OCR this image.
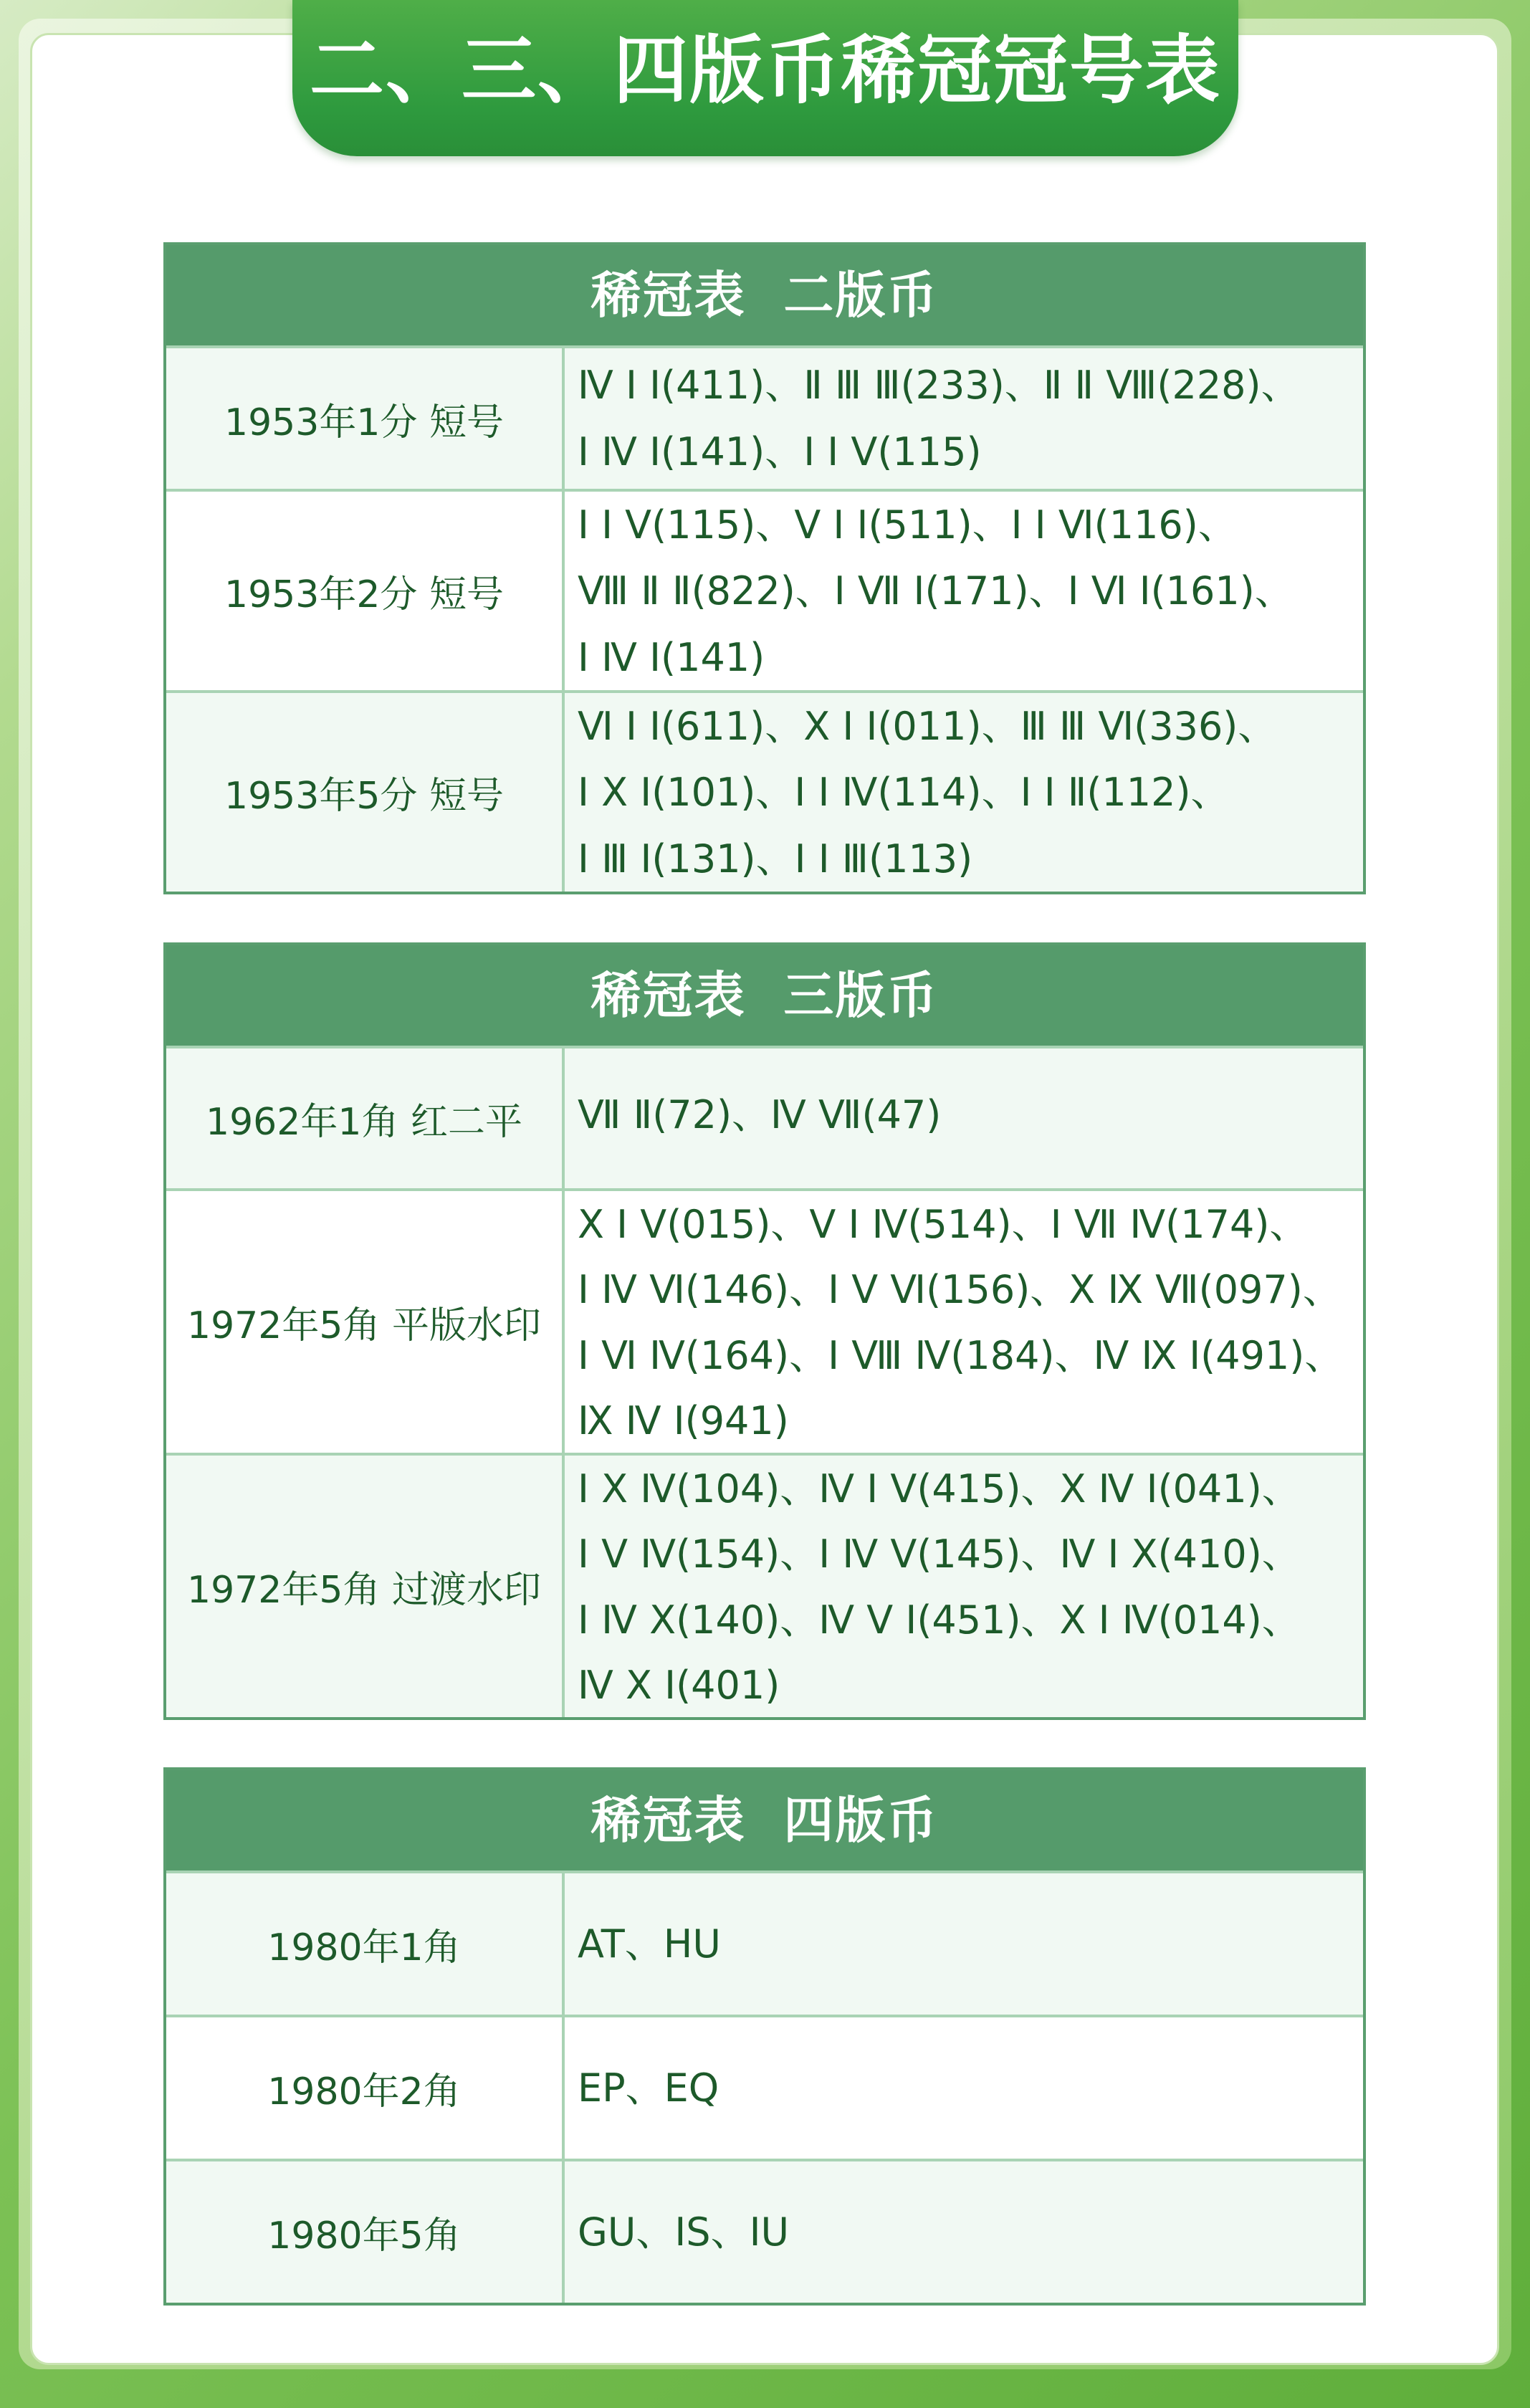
二、三、四版币稀冠冠号表
稀冠表  二版币
1953年1分 短号
Ⅳ Ⅰ Ⅰ(411)、Ⅱ Ⅲ Ⅲ(233)、Ⅱ Ⅱ Ⅷ(228)、
Ⅰ Ⅳ Ⅰ(141)、Ⅰ Ⅰ Ⅴ(115)
1953年2分 短号
Ⅰ Ⅰ Ⅴ(115)、Ⅴ Ⅰ Ⅰ(511)、Ⅰ Ⅰ Ⅵ(116)、
Ⅷ Ⅱ Ⅱ(822)、Ⅰ Ⅶ Ⅰ(171)、Ⅰ Ⅵ Ⅰ(161)、
Ⅰ Ⅳ Ⅰ(141)
1953年5分 短号
Ⅵ Ⅰ Ⅰ(611)、Ⅹ Ⅰ Ⅰ(011)、Ⅲ Ⅲ Ⅵ(336)、
Ⅰ Ⅹ Ⅰ(101)、Ⅰ Ⅰ Ⅳ(114)、Ⅰ Ⅰ Ⅱ(112)、
Ⅰ Ⅲ Ⅰ(131)、Ⅰ Ⅰ Ⅲ(113)
稀冠表  三版币
1962年1角 红二平	Ⅶ Ⅱ(72)、Ⅳ Ⅶ(47)
1972年5角 平版水印
Ⅹ Ⅰ Ⅴ(015)、Ⅴ Ⅰ Ⅳ(514)、Ⅰ Ⅶ Ⅳ(174)、
Ⅰ Ⅳ Ⅵ(146)、Ⅰ Ⅴ Ⅵ(156)、Ⅹ Ⅸ Ⅶ(097)、
Ⅰ Ⅵ Ⅳ(164)、Ⅰ Ⅷ Ⅳ(184)、Ⅳ Ⅸ Ⅰ(491)、
Ⅸ Ⅳ Ⅰ(941)
1972年5角 过渡水印
Ⅰ Ⅹ Ⅳ(104)、Ⅳ Ⅰ Ⅴ(415)、Ⅹ Ⅳ Ⅰ(041)、
Ⅰ Ⅴ Ⅳ(154)、Ⅰ Ⅳ Ⅴ(145)、Ⅳ Ⅰ Ⅹ(410)、
Ⅰ Ⅳ Ⅹ(140)、Ⅳ Ⅴ Ⅰ(451)、Ⅹ Ⅰ Ⅳ(014)、
Ⅳ Ⅹ Ⅰ(401)
稀冠表  四版币
1980年1角	AT、HU
1980年2角	EP、EQ
1980年5角	GU、IS、IU
